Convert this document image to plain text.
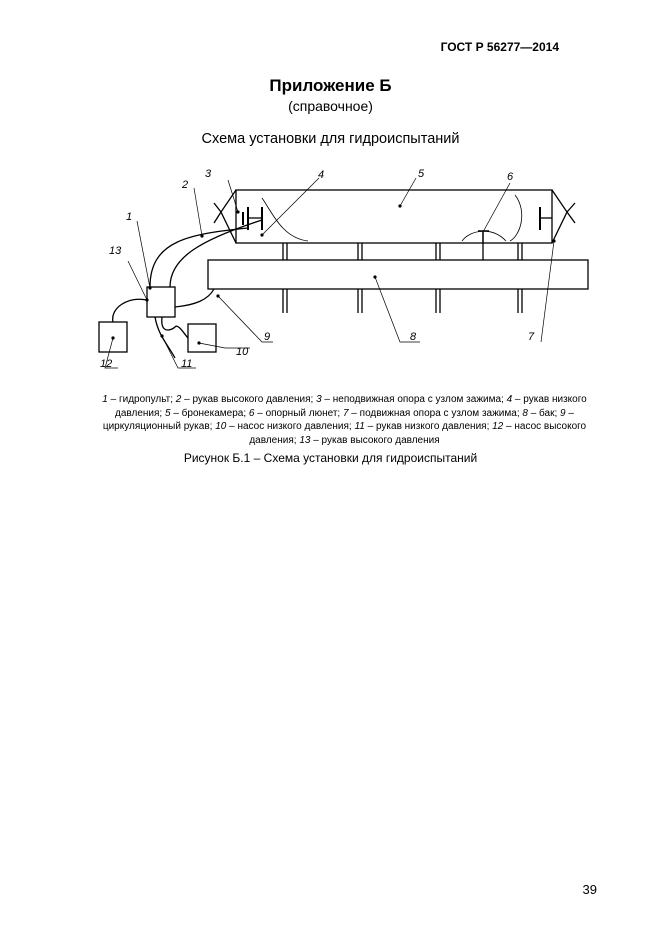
ГОСТ Р 56277—2014
Приложение Б
(справочное)
Схема установки для гидроиспытаний
3
2
1
13
4	5	6
7
8
9
10
11
12
1 – гидропульт; 2 – рукав высокого давления; 3 – неподвижная опора с узлом зажима; 4 – рукав низкого давления; 5 – бронекамера; 6 – опорный люнет; 7 – подвижная опора с узлом зажима; 8 – бак; 9 – циркуляционный рукав; 10 – насос низкого давления; 11 – рукав низкого давления; 12 – насос высокого давления; 13 – рукав высокого давления
Рисунок Б.1 – Схема установки для гидроиспытаний
39
